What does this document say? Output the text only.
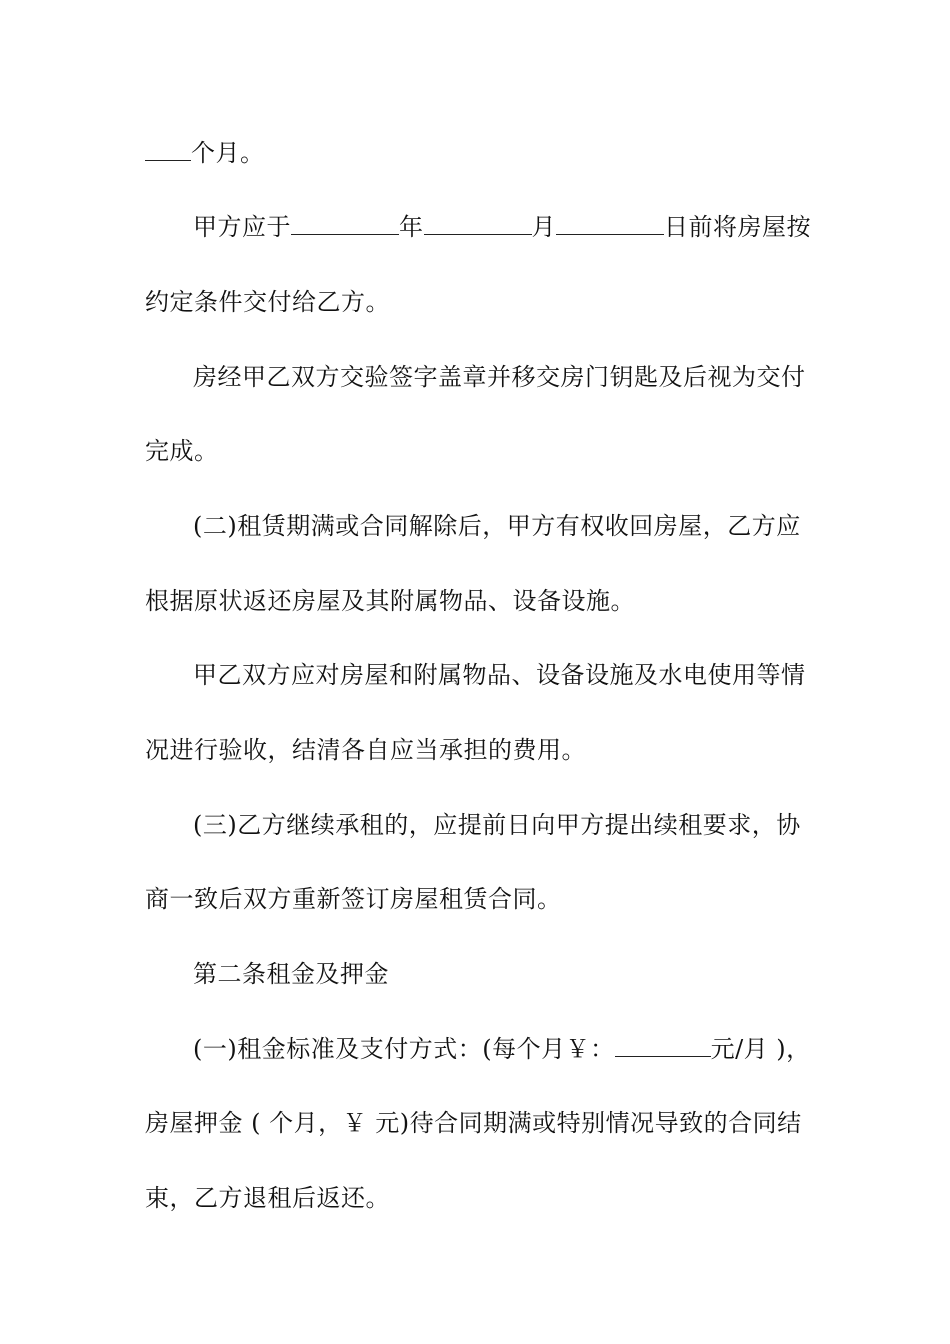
个月。
甲方应于	年	月	日前将房屋按
约定条件交付给乙方。
房经甲乙双方交验签字盖章并移交房门钥匙及后视为交付
完成。
(二)租赁期满或合同解除后，甲方有权收回房屋，乙方应
根据原状返还房屋及其附属物品、设备设施。
甲乙双方应对房屋和附属物品、设备设施及水电使用等情
况进行验收，结清各自应当承担的费用。
(三)乙方继续承租的，应提前日向甲方提出续租要求，协
商一致后双方重新签订房屋租赁合同。
第二条租金及押金
(一)租金标准及支付方式：(每个月￥：	元/月 )，
房屋押金 ( 个月，￥ 元)待合同期满或特别情况导致的合同结
束，乙方退租后返还。
